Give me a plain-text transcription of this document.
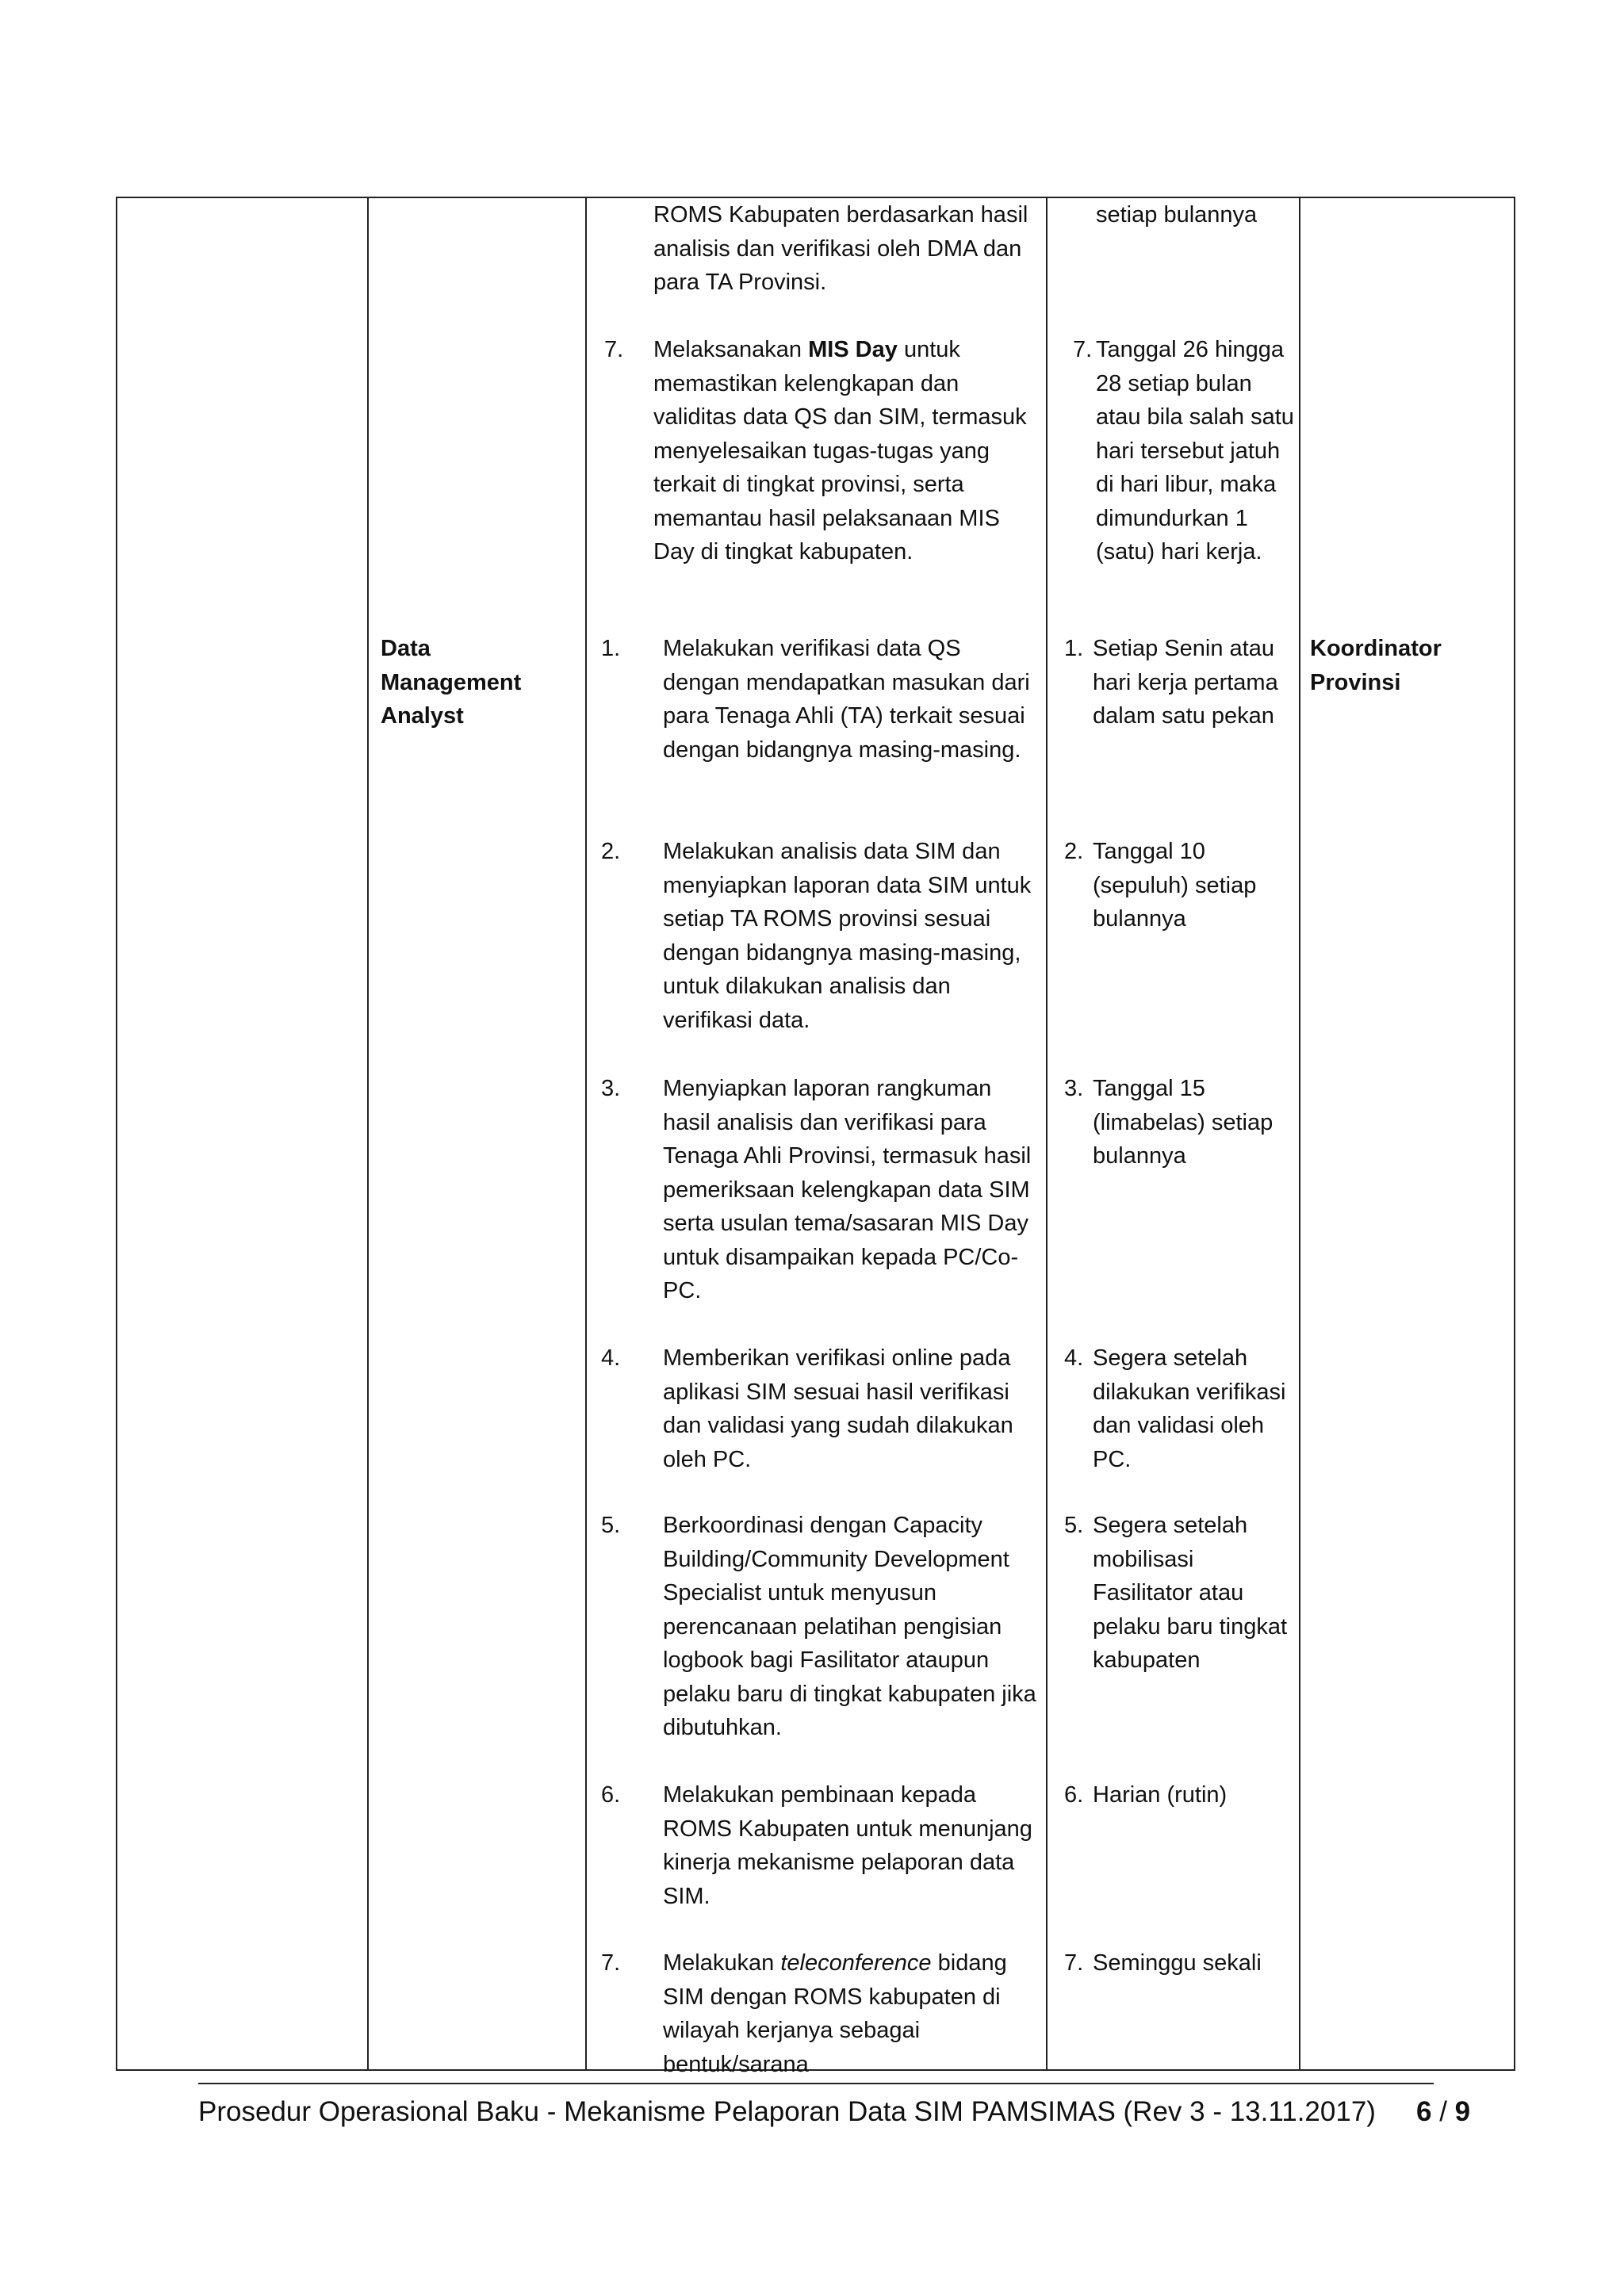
ROMS Kabupaten berdasarkan hasil analisis dan verifikasi oleh DMA dan para TA Provinsi.
setiap bulannya
7. Melaksanakan MIS Day untuk memastikan kelengkapan dan validitas data QS dan SIM, termasuk menyelesaikan tugas-tugas yang terkait di tingkat provinsi, serta memantau hasil pelaksanaan MIS Day di tingkat kabupaten.
7. Tanggal 26 hingga 28 setiap bulan atau bila salah satu hari tersebut jatuh di hari libur, maka dimundurkan 1 (satu) hari kerja.
Data Management Analyst
Koordinator Provinsi
1. Melakukan verifikasi data QS dengan mendapatkan masukan dari para Tenaga Ahli (TA) terkait sesuai dengan bidangnya masing-masing.
1. Setiap Senin atau hari kerja pertama dalam satu pekan
2. Melakukan analisis data SIM dan menyiapkan laporan data SIM untuk setiap TA ROMS provinsi sesuai dengan bidangnya masing-masing, untuk dilakukan analisis dan verifikasi data.
2. Tanggal 10 (sepuluh) setiap bulannya
3. Menyiapkan laporan rangkuman hasil analisis dan verifikasi para Tenaga Ahli Provinsi, termasuk hasil pemeriksaan kelengkapan data SIM serta usulan tema/sasaran MIS Day untuk disampaikan kepada PC/Co-PC.
3. Tanggal 15 (limabelas) setiap bulannya
4. Memberikan verifikasi online pada aplikasi SIM sesuai hasil verifikasi dan validasi yang sudah dilakukan oleh PC.
4. Segera setelah dilakukan verifikasi dan validasi oleh PC.
5. Berkoordinasi dengan Capacity Building/Community Development Specialist untuk menyusun perencanaan pelatihan pengisian logbook bagi Fasilitator ataupun pelaku baru di tingkat kabupaten jika dibutuhkan.
5. Segera setelah mobilisasi Fasilitator atau pelaku baru tingkat kabupaten
6. Melakukan pembinaan kepada ROMS Kabupaten untuk menunjang kinerja mekanisme pelaporan data SIM.
6. Harian (rutin)
7. Melakukan teleconference bidang SIM dengan ROMS kabupaten di wilayah kerjanya sebagai bentuk/sarana
7. Seminggu sekali
Prosedur Operasional Baku - Mekanisme Pelaporan Data SIM PAMSIMAS (Rev 3 - 13.11.2017) 6 / 9
